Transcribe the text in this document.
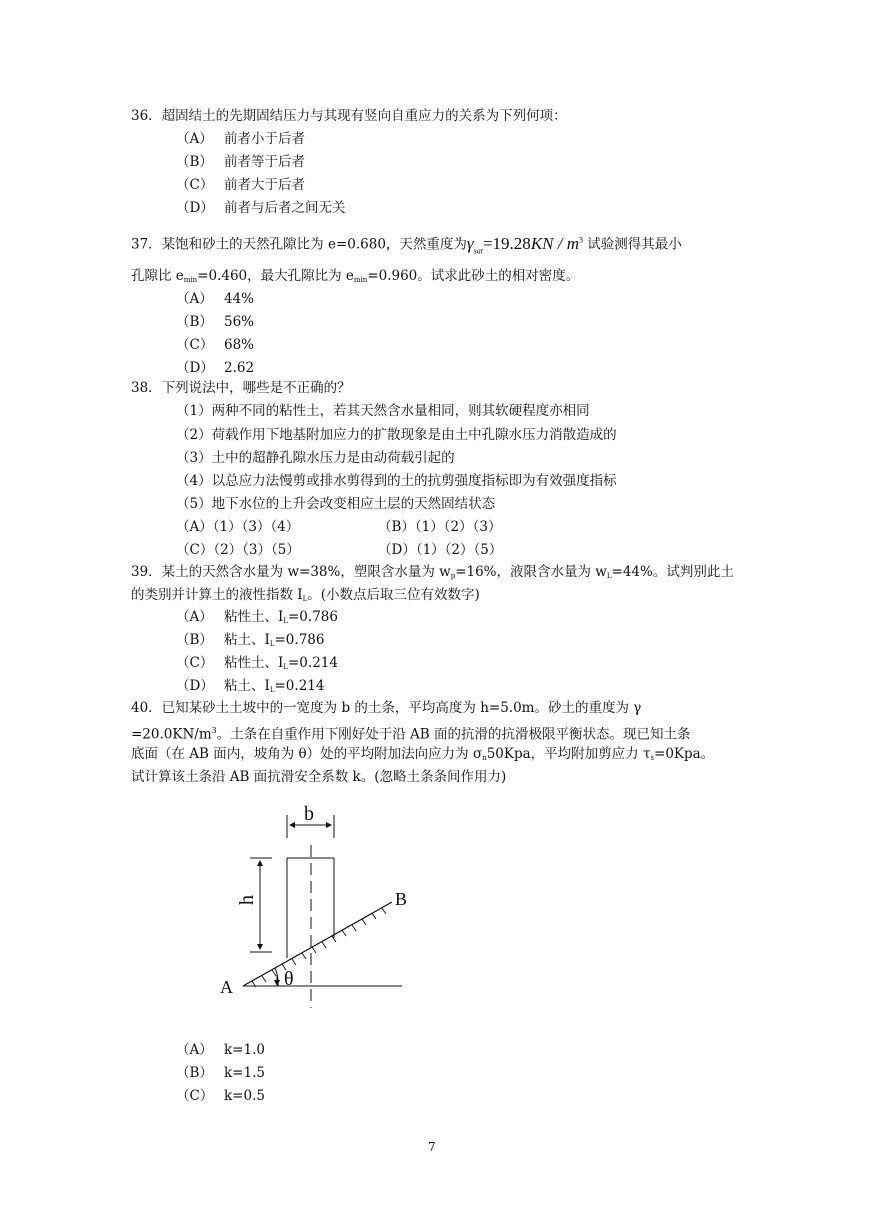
36．超固结土的先期固结压力与其现有竖向自重应力的关系为下列何项：
（A） 前者小于后者
（B） 前者等于后者
（C） 前者大于后者
（D） 前者与后者之间无关
37．某饱和砂土的天然孔隙比为 e=0.680，天然重度为$\gamma_{sat}=19.28KN / m^3$ 试验测得其最小
孔隙比 $e_{min}=0.460$，最大孔隙比为 $e_{min}=0.960$。试求此砂土的相对密度。
（A） 44%
（B） 56%
（C） 68%
（D） 2.62
38．下列说法中，哪些是不正确的？
（1）两种不同的粘性土，若其天然含水量相同，则其软硬程度亦相同
（2）荷载作用下地基附加应力的扩散现象是由土中孔隙水压力消散造成的
（3）土中的超静孔隙水压力是由动荷载引起的
（4）以总应力法慢剪或排水剪得到的土的抗剪强度指标即为有效强度指标
（5）地下水位的上升会改变相应土层的天然固结状态
（A）（1）（3）（4）	（B）（1）（2）（3）
（C）（2）（3）（5）	（D）（1）（2）（5）
39．某土的天然含水量为 w=38%，塑限含水量为 $w_p=16\%$，液限含水量为 $w_L=44\%$。试判别此土
的类别并计算土的液性指数 $I_L$。(小数点后取三位有效数字)
（A） 粘性土、$I_L=0.786$
（B） 粘土、$I_L=0.786$
（C） 粘性土、$I_L=0.214$
（D） 粘土、$I_L=0.214$
40．已知某砂土土坡中的一宽度为 b 的土条，平均高度为 h=5.0m。砂土的重度为 γ
$=20.0KN/m^3$。土条在自重作用下刚好处于沿 AB 面的抗滑的抗滑极限平衡状态。现已知土条
底面（在 AB 面内，坡角为 θ）处的平均附加法向应力为 $\sigma_n50Kpa$，平均附加剪应力 $\tau_s=0Kpa$。
试计算该土条沿 AB 面抗滑安全系数 k。(忽略土条条间作用力)
b
h
A
B
θ
（A） k=1.0
（B） k=1.5
（C） k=0.5
7
